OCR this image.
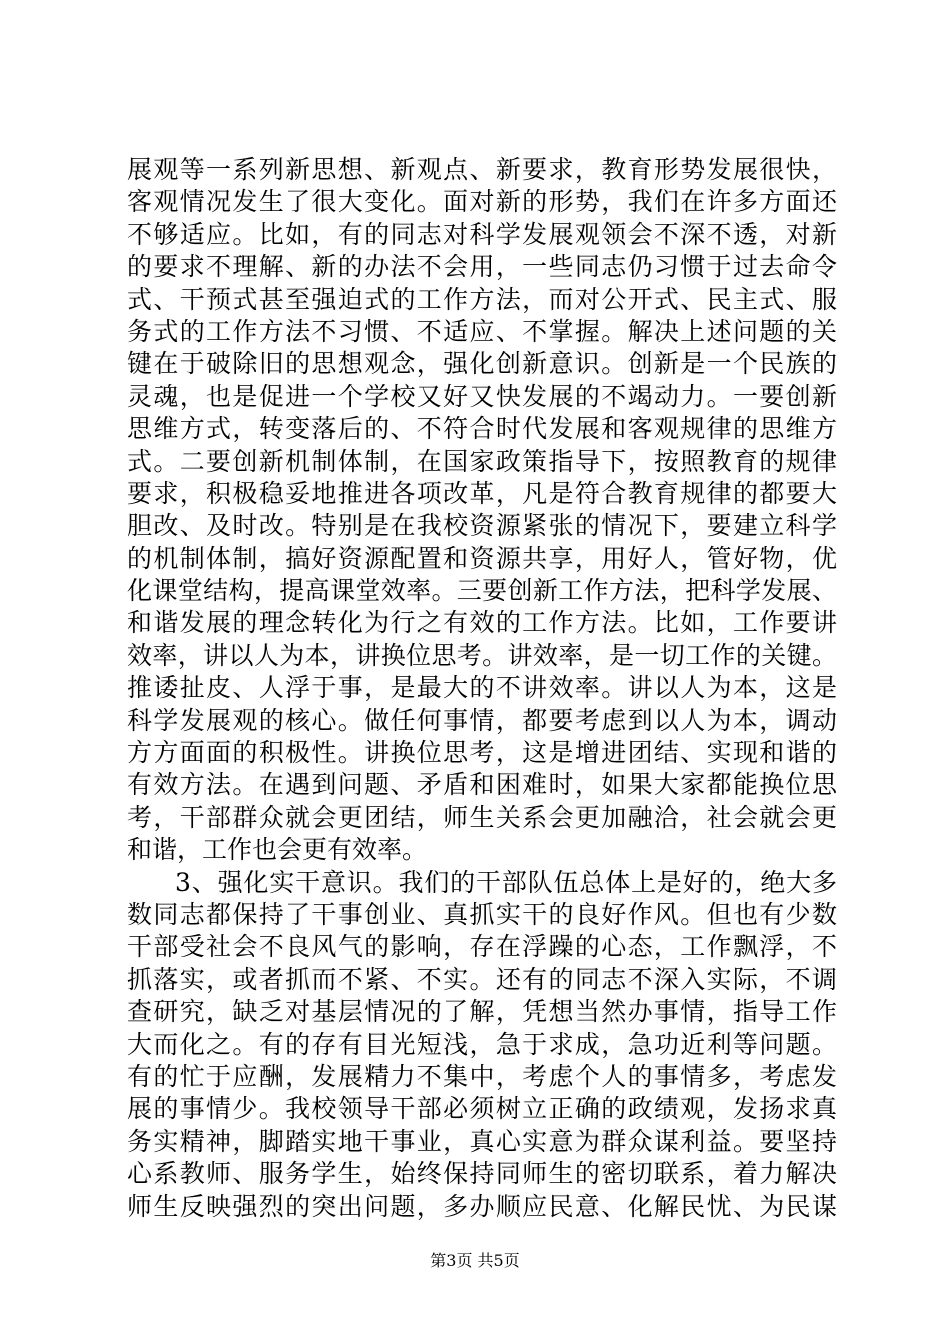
展观等一系列新思想、新观点、新要求，教育形势发展很快，
客观情况发生了很大变化。面对新的形势，我们在许多方面还
不够适应。比如，有的同志对科学发展观领会不深不透，对新
的要求不理解、新的办法不会用，一些同志仍习惯于过去命令
式、干预式甚至强迫式的工作方法，而对公开式、民主式、服
务式的工作方法不习惯、不适应、不掌握。解决上述问题的关
键在于破除旧的思想观念，强化创新意识。创新是一个民族的
灵魂，也是促进一个学校又好又快发展的不竭动力。一要创新
思维方式，转变落后的、不符合时代发展和客观规律的思维方
式。二要创新机制体制，在国家政策指导下，按照教育的规律
要求，积极稳妥地推进各项改革，凡是符合教育规律的都要大
胆改、及时改。特别是在我校资源紧张的情况下，要建立科学
的机制体制，搞好资源配置和资源共享，用好人，管好物，优
化课堂结构，提高课堂效率。三要创新工作方法，把科学发展、
和谐发展的理念转化为行之有效的工作方法。比如，工作要讲
效率，讲以人为本，讲换位思考。讲效率，是一切工作的关键。
推诿扯皮、人浮于事，是最大的不讲效率。讲以人为本，这是
科学发展观的核心。做任何事情，都要考虑到以人为本，调动
方方面面的积极性。讲换位思考，这是增进团结、实现和谐的
有效方法。在遇到问题、矛盾和困难时，如果大家都能换位思
考，干部群众就会更团结，师生关系会更加融洽，社会就会更
和谐，工作也会更有效率。
3、强化实干意识。我们的干部队伍总体上是好的，绝大多
数同志都保持了干事创业、真抓实干的良好作风。但也有少数
干部受社会不良风气的影响，存在浮躁的心态，工作飘浮，不
抓落实，或者抓而不紧、不实。还有的同志不深入实际，不调
查研究，缺乏对基层情况的了解，凭想当然办事情，指导工作
大而化之。有的存有目光短浅，急于求成，急功近利等问题。
有的忙于应酬，发展精力不集中，考虑个人的事情多，考虑发
展的事情少。我校领导干部必须树立正确的政绩观，发扬求真
务实精神，脚踏实地干事业，真心实意为群众谋利益。要坚持
心系教师、服务学生，始终保持同师生的密切联系，着力解决
师生反映强烈的突出问题，多办顺应民意、化解民忧、为民谋
第3页 共5页
